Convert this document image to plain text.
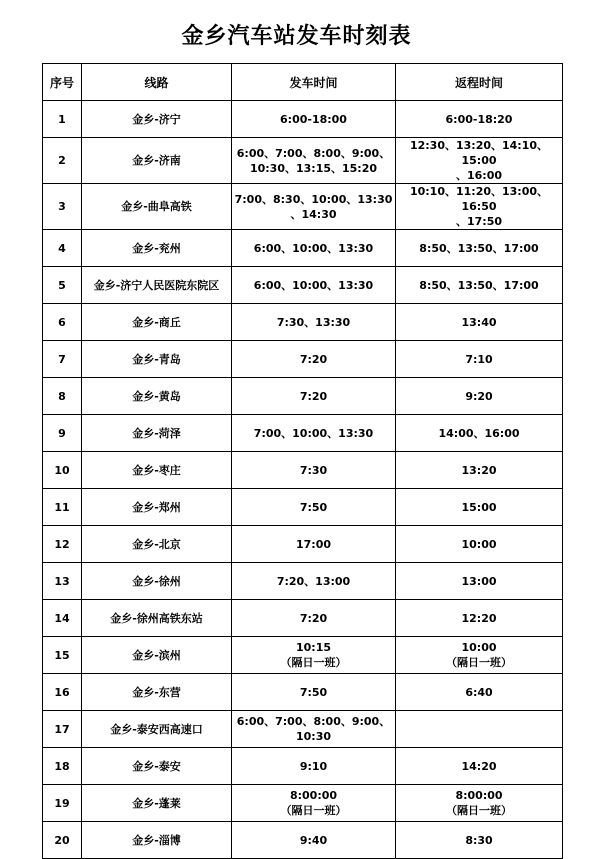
金乡汽车站发车时刻表
序号	线路	发车时间	返程时间
1	金乡-济宁	6:00-18:00	6:00-18:20

2	金乡-济南	6:00、7:00、8:00、9:00、
10:30、13:15、15:20	12:30、13:20、14:10、15:00
、16:00

3	金乡-曲阜高铁	7:00、8:30、10:00、13:30
、14:30	10:10、11:20、13:00、16:50
、17:50

4	金乡-兖州	6:00、10:00、13:30	8:50、13:50、17:00

5	金乡-济宁人民医院东院区	6:00、10:00、13:30	8:50、13:50、17:00

6	金乡-商丘	7:30、13:30	13:40

7	金乡-青岛	7:20	7:10

8	金乡-黄岛	7:20	9:20

9	金乡-菏泽	7:00、10:00、13:30	14:00、16:00

10	金乡-枣庄	7:30	13:20

11	金乡-郑州	7:50	15:00

12	金乡-北京	17:00	10:00

13	金乡-徐州	7:20、13:00	13:00

14	金乡-徐州高铁东站	7:20	12:20

15	金乡-滨州	10:15
（隔日一班）	10:00
（隔日一班）

16	金乡-东营	7:50	6:40

17	金乡-泰安西高速口	6:00、7:00、8:00、9:00、
10:30	

18	金乡-泰安	9:10	14:20

19	金乡-蓬莱	8:00:00
（隔日一班）	8:00:00
（隔日一班）

20	金乡-淄博	9:40	8:30
